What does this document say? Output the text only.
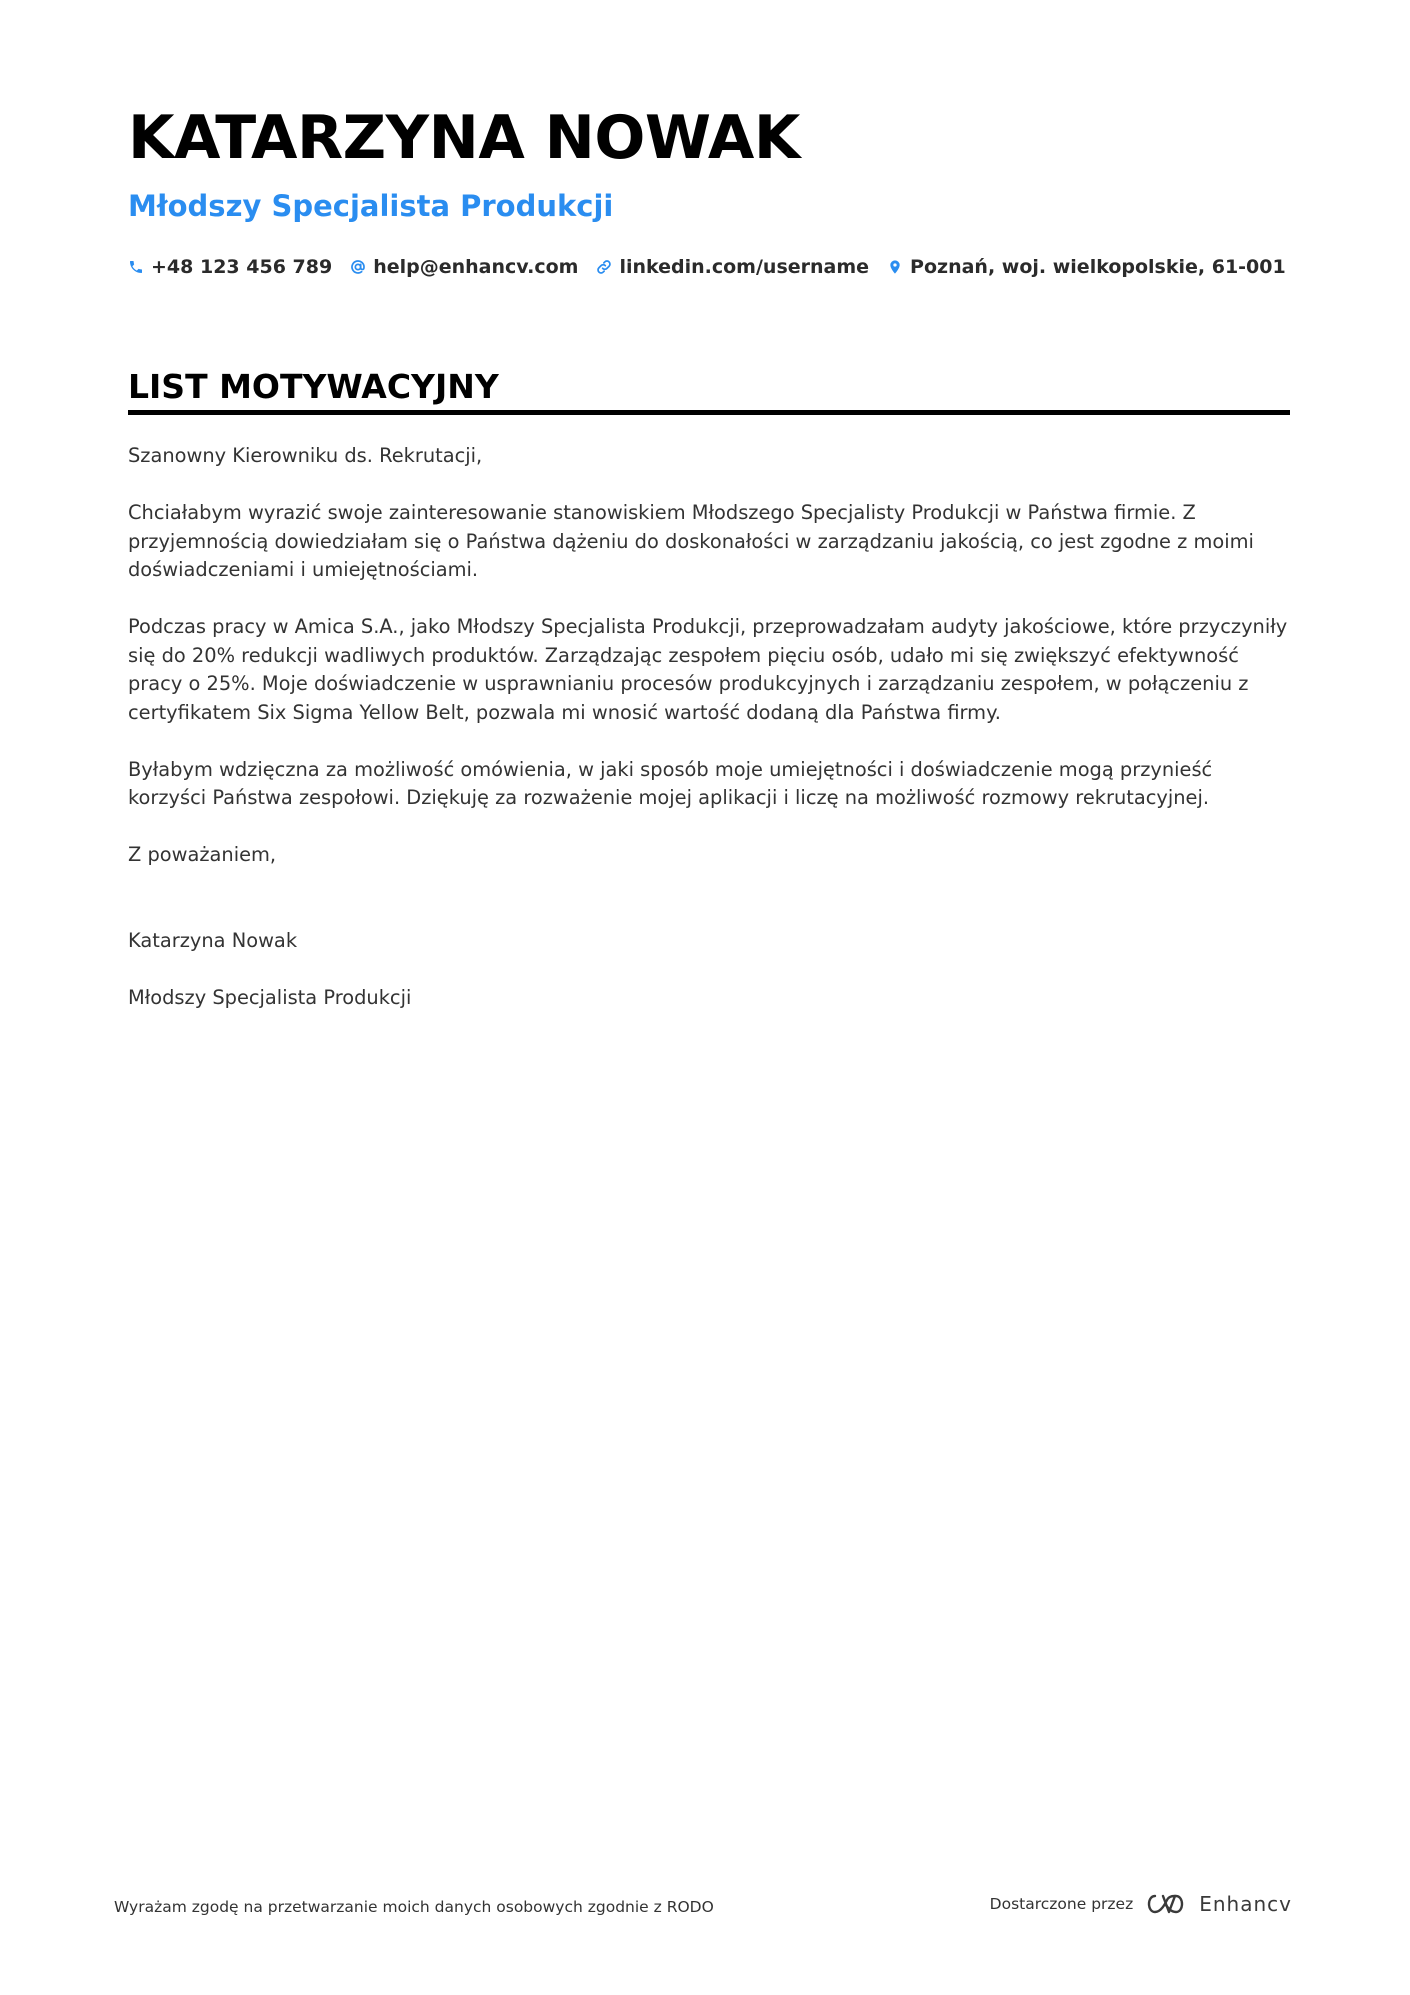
KATARZYNA NOWAK
Młodszy Specjalista Produkcji
+48 123 456 789 help@enhancv.com linkedin.com/username Poznań, woj. wielkopolskie, 61-001
LIST MOTYWACYJNY

Szanowny Kierowniku ds. Rekrutacji,

Chciałabym wyrazić swoje zainteresowanie stanowiskiem Młodszego Specjalisty Produkcji w Państwa firmie. Z przyjemnością dowiedziałam się o Państwa dążeniu do doskonałości w zarządzaniu jakością, co jest zgodne z moimi doświadczeniami i umiejętnościami.

Podczas pracy w Amica S.A., jako Młodszy Specjalista Produkcji, przeprowadzałam audyty jakościowe, które przyczyniły się do 20% redukcji wadliwych produktów. Zarządzając zespołem pięciu osób, udało mi się zwiększyć efektywność pracy o 25%. Moje doświadczenie w usprawnianiu procesów produkcyjnych i zarządzaniu zespołem, w połączeniu z certyfikatem Six Sigma Yellow Belt, pozwala mi wnosić wartość dodaną dla Państwa firmy.

Byłabym wdzięczna za możliwość omówienia, w jaki sposób moje umiejętności i doświadczenie mogą przynieść korzyści Państwa zespołowi. Dziękuję za rozważenie mojej aplikacji i liczę na możliwość rozmowy rekrutacyjnej.

Z poważaniem,

Katarzyna Nowak

Młodszy Specjalista Produkcji

Wyrażam zgodę na przetwarzanie moich danych osobowych zgodnie z RODO	Dostarczone przez	Enhancv
